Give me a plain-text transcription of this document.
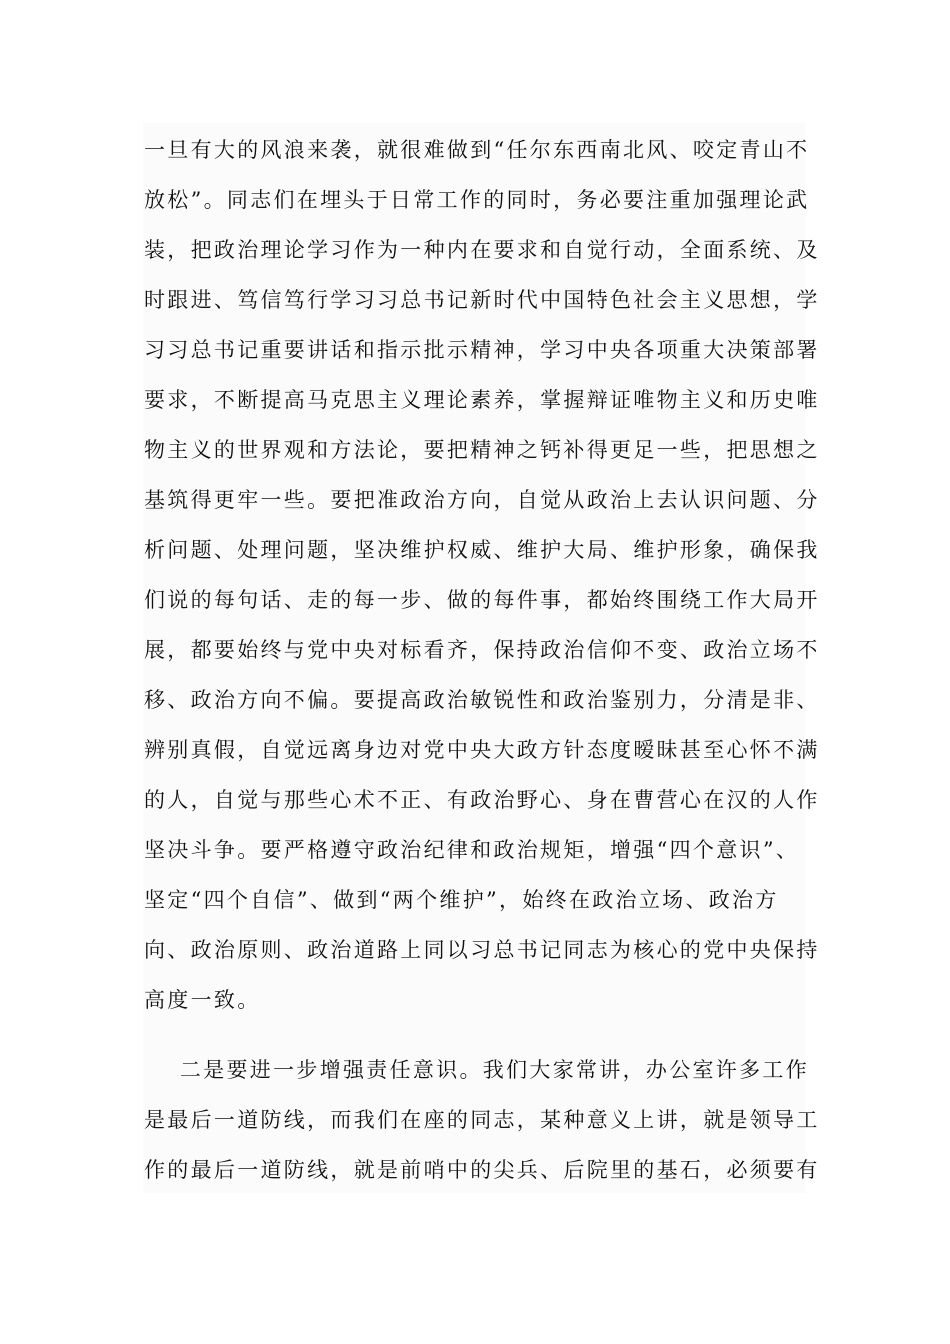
一旦有大的风浪来袭，就很难做到“任尔东西南北风、咬定青山不
放松”。同志们在埋头于日常工作的同时，务必要注重加强理论武
装，把政治理论学习作为一种内在要求和自觉行动，全面系统、及
时跟进、笃信笃行学习习总书记新时代中国特色社会主义思想，学
习习总书记重要讲话和指示批示精神，学习中央各项重大决策部署
要求，不断提高马克思主义理论素养，掌握辩证唯物主义和历史唯
物主义的世界观和方法论，要把精神之钙补得更足一些，把思想之
基筑得更牢一些。要把准政治方向，自觉从政治上去认识问题、分
析问题、处理问题，坚决维护权威、维护大局、维护形象，确保我
们说的每句话、走的每一步、做的每件事，都始终围绕工作大局开
展，都要始终与党中央对标看齐，保持政治信仰不变、政治立场不
移、政治方向不偏。要提高政治敏锐性和政治鉴别力，分清是非、
辨别真假，自觉远离身边对党中央大政方针态度暧昧甚至心怀不满
的人，自觉与那些心术不正、有政治野心、身在曹营心在汉的人作
坚决斗争。要严格遵守政治纪律和政治规矩，增强“四个意识”、
坚定“四个自信”、做到“两个维护”，始终在政治立场、政治方
向、政治原则、政治道路上同以习总书记同志为核心的党中央保持
高度一致。
二是要进一步增强责任意识。我们大家常讲，办公室许多工作
是最后一道防线，而我们在座的同志，某种意义上讲，就是领导工
作的最后一道防线，就是前哨中的尖兵、后院里的基石，必须要有
